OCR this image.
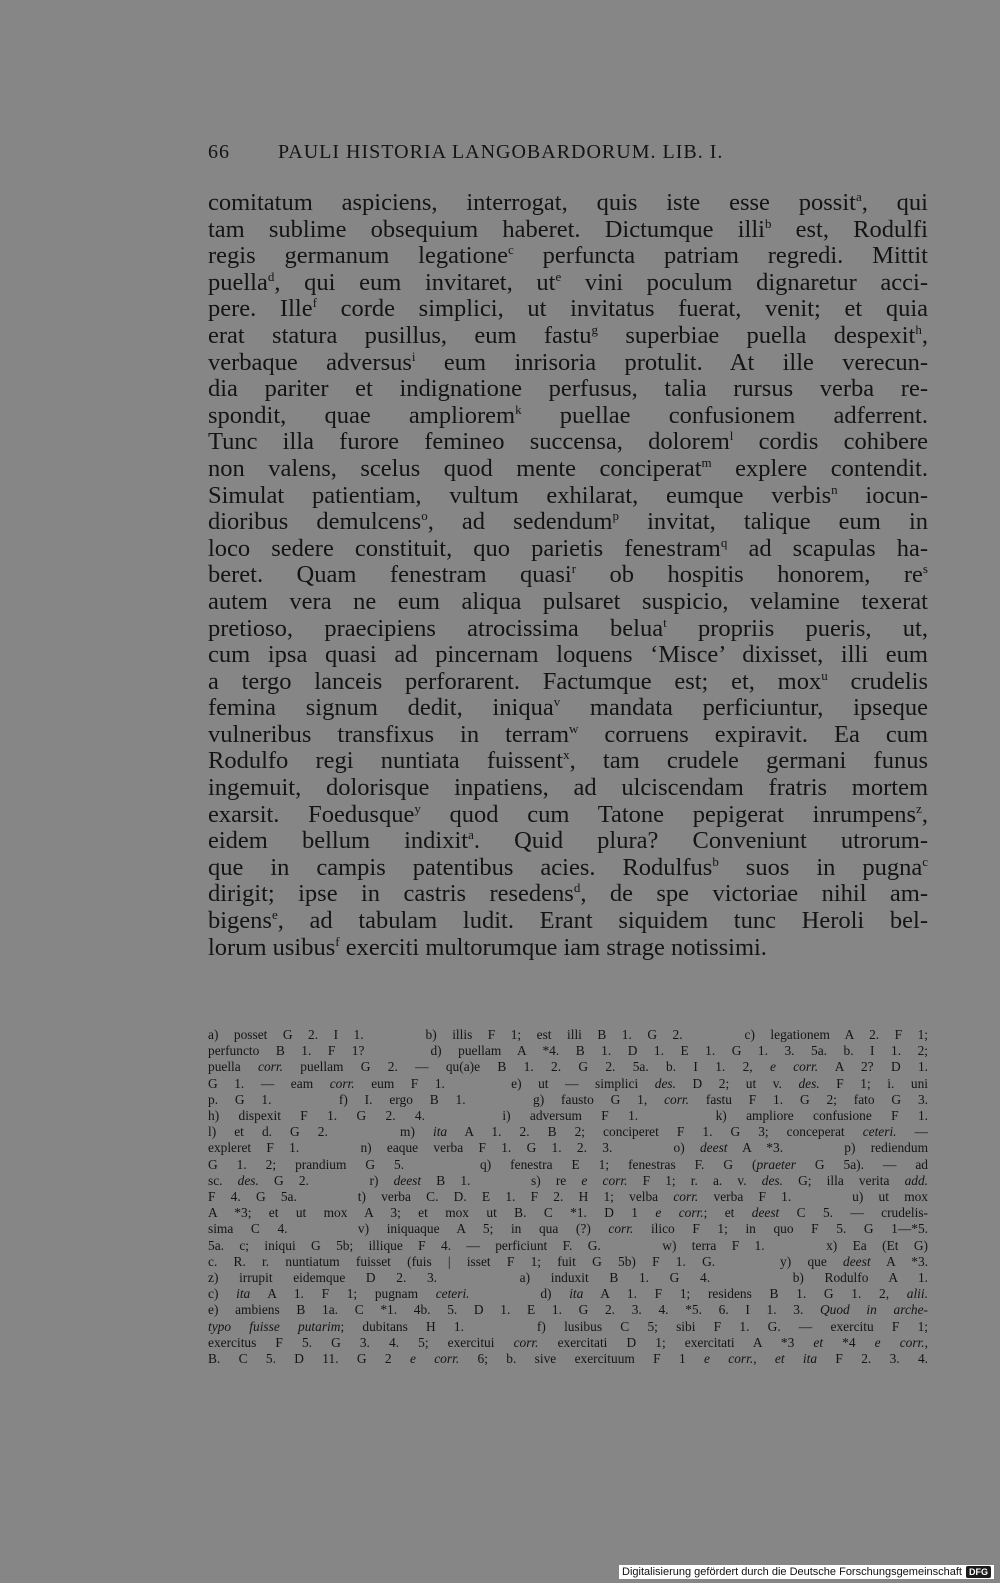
66	PAULI HISTORIA LANGOBARDORUM. LIB. I.
comitatum aspiciens, interrogat, quis iste esse possit$^a$, qui
tam sublime obsequium haberet. Dictumque illi$^b$ est, Rodulfi
regis germanum legatione$^c$ perfuncta patriam regredi. Mittit
puella$^d$, qui eum invitaret, $ut^e$ vini poculum dignaretur acci-
pere. Ille$^f$ corde simplici, ut invitatus fuerat, venit; et quia
erat statura pusillus, eum fastu$^g$ superbiae puella despexit$^h$,
verbaque adversus$^i$ eum inrisoria protulit. At ille verecun-
dia pariter et indignatione perfusus, talia rursus verba re-
spondit, quae ampliorem$^k$ puellae confusionem adferrent.
Tunc illa furore femineo succensa, dolorem$^l$ cordis cohibere
non valens, scelus quod mente conciperat$^m$ explere contendit.
Simulat patientiam, vultum exhilarat, eumque verbis$^n$ iocun-
dioribus demulcens$^o$, ad sedendum$^p$ invitat, talique eum in
loco sedere constituit, quo parietis fenestram$^q$ ad scapulas ha-
beret. Quam fenestram quasi$^r$ ob hospitis honorem, $re^s$
autem vera ne eum aliqua pulsaret suspicio, velamine texerat
pretioso, praecipiens atrocissima belua$^t$ propriis pueris, ut,
cum ipsa quasi ad pincernam loquens ‘Misce’ dixisset, illi eum
a tergo lanceis perforarent. Factumque est; et, mox$^u$ crudelis
femina signum dedit, iniqua$^v$ mandata perficiuntur, ipseque
vulneribus transfixus in terram$^w$ corruens expiravit. Ea cum
Rodulfo regi nuntiata fuissent$^x$, tam crudele germani funus
ingemuit, dolorisque inpatiens, ad ulciscendam fratris mortem
exarsit. Foedusque$^y$ quod cum Tatone pepigerat inrumpens$^z$,
eidem bellum indixit$^a$. Quid plura? Conveniunt utrorum-
que in campis patentibus acies. Rodulfus$^b$ suos in pugna$^c$
dirigit; ipse in castris resedens$^d$, de spe victoriae nihil am-
bigens$^e$, ad tabulam ludit. Erant siquidem tunc Heroli bel-
lorum usibus$^f$ exerciti multorumque iam strage notissimi.
a) posset G 2. I 1.    b) illis F 1; est illi B 1. G 2.    c) legationem A 2. F 1;
perfuncto B 1. F 1?    d) puellam A *4. B 1. D 1. E 1. G 1. 3. 5a. b. I 1. 2;
puella corr. puellam G 2. — qu(a)e B 1. 2. G 2. 5a. b. I 1. 2, e corr. A 2? D 1.
G 1. — eam corr. eum F 1.    e) ut — simplici des. D 2; ut v. des. F 1; i. uni
p. G 1.    f) I. ergo B 1.    g) fausto G 1, corr. fastu F 1. G 2; fato G 3.
h) dispexit F 1. G 2. 4.    i) adversum F 1.    k) ampliore confusione F 1.
l) et d. G 2.    m) ita A 1. 2. B 2; conciperet F 1. G 3; conceperat ceteri. —
expleret F 1.    n) eaque verba F 1. G 1. 2. 3.    o) deest A *3.    p) rediendum
G 1. 2; prandium G 5.    q) fenestra E 1; fenestras F. G (praeter G 5a). — ad
sc. des. G 2.    r) deest B 1.    s) re e corr. F 1; r. a. v. des. G; illa verita add.
F 4. G 5a.    t) verba C. D. E 1. F 2. H 1; velba corr. verba F 1.    u) ut mox
A *3; et ut mox A 3; et mox ut B. C *1. D 1 e corr.; et deest C 5. — crudelis-
sima C 4.    v) iniquaque A 5; in qua (?) corr. ilico F 1; in quo F 5. G 1—*5.
5a. c; iniqui G 5b; illique F 4. — perficiunt F. G.    w) terra F 1.    x) Ea (Et G)
c. R. r. nuntiatum fuisset (fuis | isset F 1; fuit G 5b) F 1. G.    y) que deest A *3.
z) irrupit eidemque D 2. 3.    a) induxit B 1. G 4.    b) Rodulfo A 1.
c) ita A 1. F 1; pugnam ceteri.    d) ita A 1. F 1; residens B 1. G 1. 2, alii.
e) ambiens B 1a. C *1. 4b. 5. D 1. E 1. G 2. 3. 4. *5. 6. I 1. 3. Quod in arche-
typo fuisse putarim; dubitans H 1.    f) lusibus C 5; sibi F 1. G. — exercitu F 1;
exercitus F 5. G 3. 4. 5; exercitui corr. exercitati D 1; exercitati A *3 et *4 e corr.,
B. C 5. D 11. G 2 e corr. 6; b. sive exercituum F 1 e corr., et ita F 2. 3. 4.
Digitalisierung gefördert durch die Deutsche Forschungsgemeinschaft DFG
